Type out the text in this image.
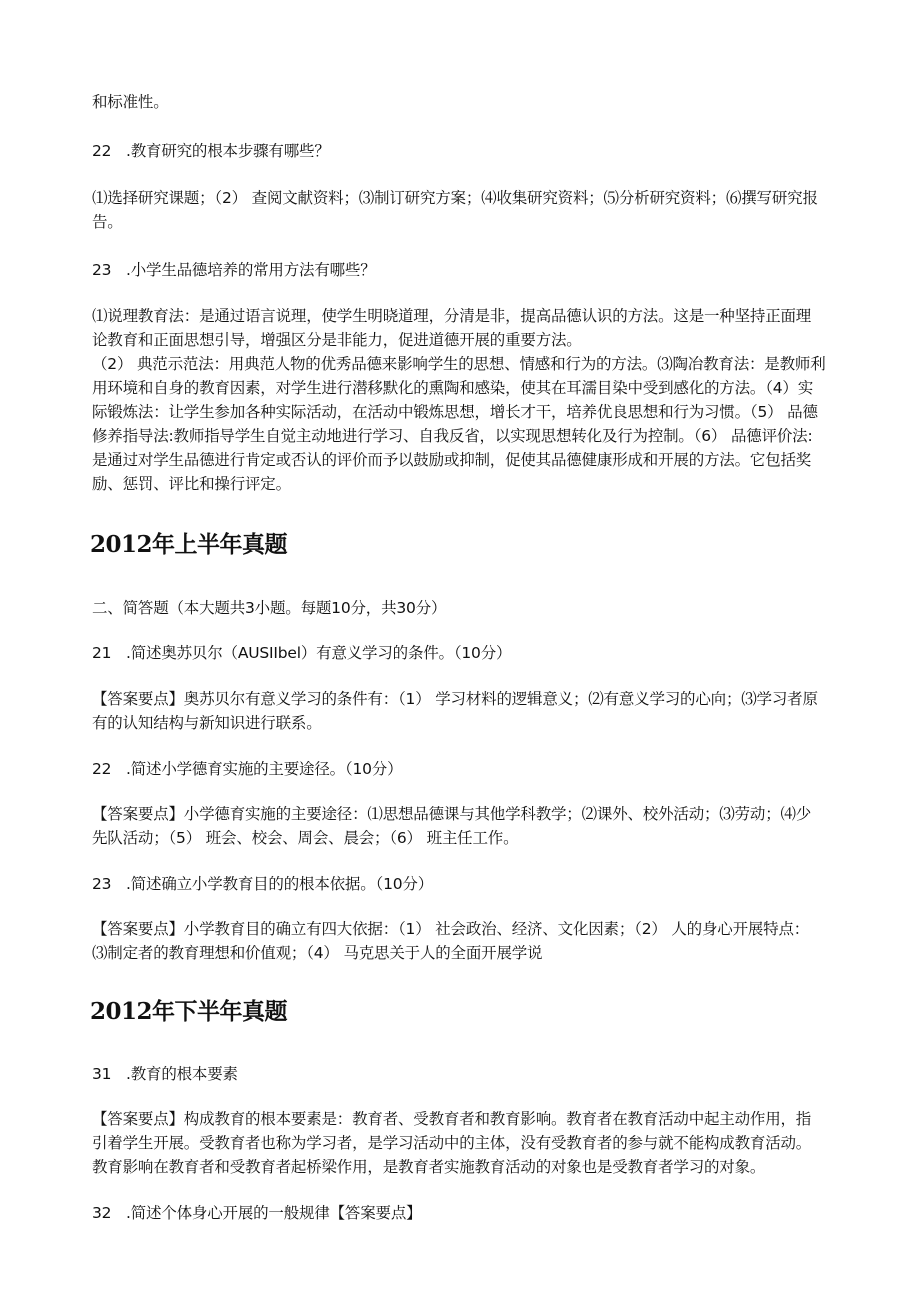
和标准性。
22 .教育研究的根本步骤有哪些？
⑴选择研究课题；（2） 查阅文献资料；⑶制订研究方案；⑷收集研究资料；⑸分析研究资料；⑹撰写研究报告。
23 .小学生品德培养的常用方法有哪些？
⑴说理教育法：是通过语言说理，使学生明晓道理，分清是非，提高品德认识的方法。这是一种坚持正面理
论教育和正面思想引导，增强区分是非能力，促进道德开展的重要方法。
（2） 典范示范法：用典范人物的优秀品德来影响学生的思想、情感和行为的方法。⑶陶冶教育法：是教师利
用环境和自身的教育因素，对学生进行潜移默化的熏陶和感染，使其在耳濡目染中受到感化的方法。（4）实
际锻炼法：让学生参加各种实际活动，在活动中锻炼思想，增长才干，培养优良思想和行为习惯。（5） 品德
修养指导法:教师指导学生自觉主动地进行学习、自我反省，以实现思想转化及行为控制。（6） 品德评价法:
是通过对学生品德进行肯定或否认的评价而予以鼓励或抑制，促使其品德健康形成和开展的方法。它包括奖
励、惩罚、评比和操行评定。
2012年上半年真题
二、简答题（本大题共3小题。每题10分，共30分）
21 .简述奥苏贝尔（AUSIIbel）有意义学习的条件。（10分）
【答案要点】奥苏贝尔有意义学习的条件有：（1） 学习材料的逻辑意义；⑵有意义学习的心向；⑶学习者原
有的认知结构与新知识进行联系。
22 .简述小学德育实施的主要途径。（10分）
【答案要点】小学德育实施的主要途径：⑴思想品德课与其他学科教学；⑵课外、校外活动；⑶劳动；⑷少
先队活动；（5） 班会、校会、周会、晨会；（6） 班主任工作。
23 .简述确立小学教育目的的根本依据。（10分）
【答案要点】小学教育目的确立有四大依据：（1） 社会政治、经济、文化因素；（2） 人的身心开展特点：
⑶制定者的教育理想和价值观；（4） 马克思关于人的全面开展学说
2012年下半年真题
31 .教育的根本要素
【答案要点】构成教育的根本要素是：教育者、受教育者和教育影响。教育者在教育活动中起主动作用，指
引着学生开展。受教育者也称为学习者，是学习活动中的主体，没有受教育者的参与就不能构成教育活动。
教育影响在教育者和受教育者起桥梁作用，是教育者实施教育活动的对象也是受教育者学习的对象。
32 .简述个体身心开展的一般规律【答案要点】
